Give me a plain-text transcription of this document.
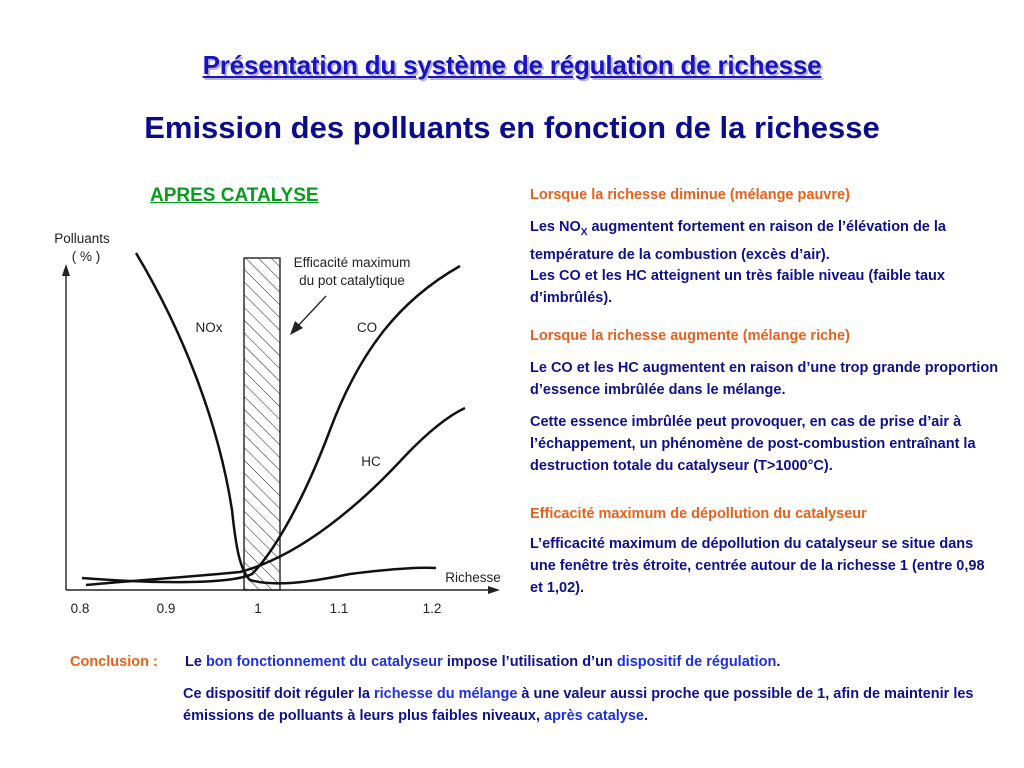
Présentation du système de régulation de richesse
Emission des polluants en fonction de la richesse
APRES CATALYSE
Polluants
( % )	Efficacité maximum
du pot catalytique
NOx	CO
HC
Richesse
0.8	0.9	1	1.1	1.2
Lorsque la richesse diminue (mélange pauvre)
Les $NO_X$ augmentent fortement en raison de l’élévation de la température de la combustion (excès d’air).
Les CO et les HC atteignent un très faible niveau (faible taux d’imbrûlés).
Lorsque la richesse augmente (mélange riche)
Le CO et les HC augmentent en raison d’une trop grande proportion d’essence imbrûlée dans le mélange.
Cette essence imbrûlée peut provoquer, en cas de prise d’air à l’échappement, un phénomène de post-combustion entraînant la destruction totale du catalyseur (T>1000°C).
Efficacité maximum de dépollution du catalyseur
L’efficacité maximum de dépollution du catalyseur se situe dans une fenêtre très étroite, centrée autour de la richesse 1 (entre 0,98 et 1,02).
Conclusion : Le bon fonctionnement du catalyseur impose l’utilisation d’un dispositif de régulation.
Ce dispositif doit réguler la richesse du mélange à une valeur aussi proche que possible de 1, afin de maintenir les émissions de polluants à leurs plus faibles niveaux, après catalyse.
